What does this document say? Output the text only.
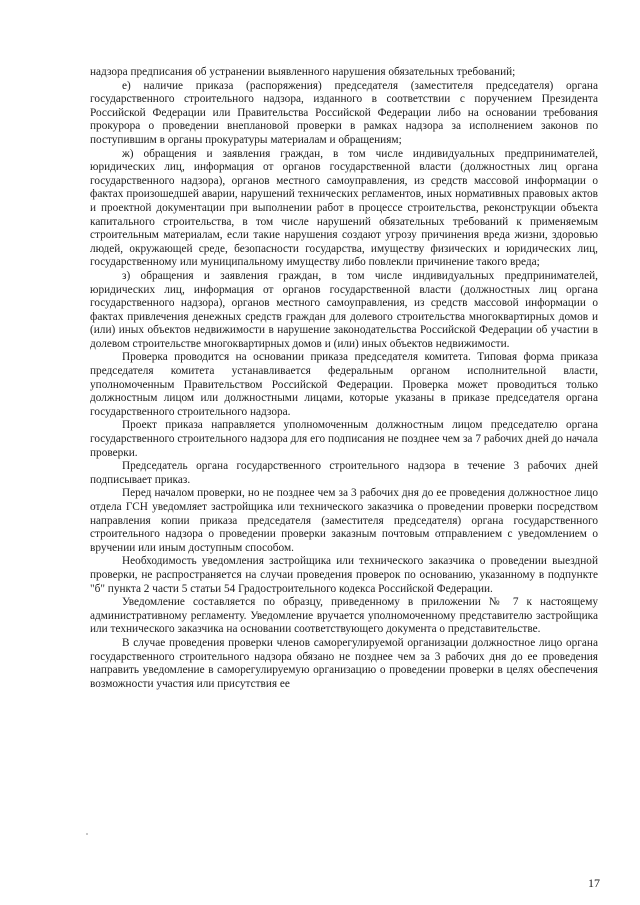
надзора предписания об устранении выявленного нарушения обязательных требований;

е) наличие приказа (распоряжения) председателя (заместителя председателя) органа государственного строительного надзора, изданного в соответствии с поручением Президента Российской Федерации или Правительства Российской Федерации либо на основании требования прокурора о проведении внеплановой проверки в рамках надзора за исполнением законов по поступившим в органы прокуратуры материалам и обращениям;

ж) обращения и заявления граждан, в том числе индивидуальных предпринимателей, юридических лиц, информация от органов государственной власти (должностных лиц органа государственного надзора), органов местного самоуправления, из средств массовой информации о фактах произошедшей аварии, нарушений технических регламентов, иных нормативных правовых актов и проектной документации при выполнении работ в процессе строительства, реконструкции объекта капитального строительства, в том числе нарушений обязательных требований к применяемым строительным материалам, если такие нарушения создают угрозу причинения вреда жизни, здоровью людей, окружающей среде, безопасности государства, имуществу физических и юридических лиц, государственному или муниципальному имуществу либо повлекли причинение такого вреда;

з) обращения и заявления граждан, в том числе индивидуальных предпринимателей, юридических лиц, информация от органов государственной власти (должностных лиц органа государственного надзора), органов местного самоуправления, из средств массовой информации о фактах привлечения денежных средств граждан для долевого строительства многоквартирных домов и (или) иных объектов недвижимости в нарушение законодательства Российской Федерации об участии в долевом строительстве многоквартирных домов и (или) иных объектов недвижимости.

Проверка проводится на основании приказа председателя комитета. Типовая форма приказа председателя комитета устанавливается федеральным органом исполнительной власти, уполномоченным Правительством Российской Федерации. Проверка может проводиться только должностным лицом или должностными лицами, которые указаны в приказе председателя органа государственного строительного надзора.

Проект приказа направляется уполномоченным должностным лицом председателю органа государственного строительного надзора для его подписания не позднее чем за 7 рабочих дней до начала проверки.

Председатель органа государственного строительного надзора в течение 3 рабочих дней подписывает приказ.

Перед началом проверки, но не позднее чем за 3 рабочих дня до ее проведения должностное лицо отдела ГСН уведомляет застройщика или технического заказчика о проведении проверки посредством направления копии приказа председателя (заместителя председателя) органа государственного строительного надзора о проведении проверки заказным почтовым отправлением с уведомлением о вручении или иным доступным способом.

Необходимость уведомления застройщика или технического заказчика о проведении выездной проверки, не распространяется на случаи проведения проверок по основанию, указанному в подпункте "б" пункта 2 части 5 статьи 54 Градостроительного кодекса Российской Федерации.

Уведомление составляется по образцу, приведенному в приложении № 7 к настоящему административному регламенту. Уведомление вручается уполномоченному представителю застройщика или технического заказчика на основании соответствующего документа о представительстве.

В случае проведения проверки членов саморегулируемой организации должностное лицо органа государственного строительного надзора обязано не позднее чем за 3 рабочих дня до ее проведения направить уведомление в саморегулируемую организацию о проведении проверки в целях обеспечения возможности участия или присутствия ее

17
